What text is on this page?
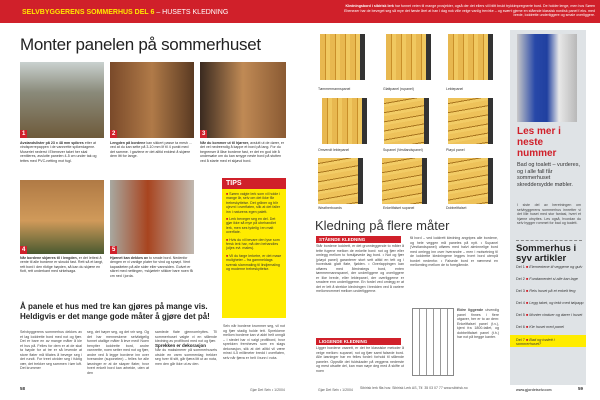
SELVBYGGERENS SOMMERHUS DEL 6 – HUSETS KLEDNING
Kledningsbord i sibirisk lerk har funnet veien til mange prosjekter, også der det ellers vill blitt brukt trykkimpregnerte bord. De holder lenge, men hos Søren Ebenezer har de beveget seg så mye det første året at han i dag nok ville velge vanlig trevirke – og svært gjerne en stående klassisk nordisk panel f.eks. med brede, loddrette underliggere og smale overliggere.
Monter panelen på sommerhuset
1	2	3
Avstandslister på 23 x 48 mm spikres etter at vindsperrepappen i de vannrette spikerdagene. Museriet nederst i Ebenezer taket her skal ventileres, avslutte panelen 4-5 cm under tak og tettes med PVC-netting mot fugl.
Lengden på bordene kan sikkert passe ta mesh ... ved at du kan sette på 3-10 mm lif til 4 punkt med det samme. I gavlene er det alltid enklest å skjære dem litt for lange.
Når du kommer ut til hjørner, avslutt ut de dører, er det vel nedreendig å kappe et bord på lang. For du begrenser å låse bordene fast, er det en god idé å undersøke om du kan smyge neste bord på stutten ved å starte med et skjøvd bord.
4	5
Når bordene skjæres til i lengden, er det lettest å vente til alle bordene er skrudd fast. Rett så et langt, rett bord i den riktige høyden, så kan du skjære en flott, rett underkant med sirkelsaga.
Hjørnet kan dekkes av to smale bord. Nedenfor dengen er vi vanlige plater for vind og sprøyt. Vent kapasiteten på alle sider eller vannsiden. Gulvet er sikret med nettingen, «skjørtet» stikker bare noen få cm ned i jorda.
TIPS

■ Søren valgte lerk som vil holde i mange år, selv om det ikke får trebeskyttelse. Det gråner og blir ujevnt i overflaten, slik at det faller inn i naturens egen palett.

■ Lerk beveger seg en del. Det gjør ikke så mye på ubehandlet lerk, men ses tydelig i en malt overflate.

■ Hvis du vil bevare den lyse som fersk lerk har, må den behandles (oljes evt. males).

■ Vil du farge lerketre, er det mase muligheter – fra gammeldags svensk slammaling til lindjemaling og moderne trebeskyttelse.

Å panele et hus med tre kan gjøres på mange vis. Heldigvis er det mange gode måter å gjøre det på!
Selvbyggerens sommerhus dekkes av et lag loddrette bord med not og fjær. Det er bare en av mange måter å kle et hus på. Felles for dem er at de skal ta høyde for at tre er så levende at store flater må tillates å bevege seg i det rundt. For treet utvider seg i fuktig vær, det trekker seg sammen i tørr luft. Det krummer
seg, det høyer seg, og det vrir seg. Og det har menneskene selvfølgelig funnet utallige måter å leve med! Noen benytter loddrette bord, andre vannrette, noen setter med not og fjær, andre ved å legge bordene inn over hverandre (suponelen) – felles for alle løsninger er at de skaper flater, hvor hvert enkelt bord kan arbeide, uten at den
samlede flate gjennomhyttes. Til sommerhuset valgte vi en stående kledning av profilbord med not og fjær.
Sprekken er dekorasjon
Når du maksimerer på sommerhusets utside en varm sommerdag trekker seg hver til sitt, går fjæra litt ut av nota, men den går ikke ut av den.
Selv når bordene krummer seg, vil not og fjær stadig holde tett. Sprekkene mellom bordene kan vi aldri helt unngå – i stedet har vi valgt profilbord, hvor sprekken fremheves som en slags dekorasjon, slik at det alltid vil være minst 4-5 millimeter bredd i overflaten, selv når fjæra er helt i bunn i nota.
58	Gjør Det Selv • 1/2004
Tømmermannspanel	Glattpanel (rupanel)	Lektepanel
Omvendt lektepanel	Supanel (Vestlandspanel)	Pløyd panel
Weatherboards	Enkeltfalset supanel	Dobbeltfalset
Kledning på flere måter
STÅENDE KLEDNING
Står bordene loddrett, er det grunnleggende to måter å tette fugene mellom de enkelte bord: not og fjær eller omlegg mellom to forskjøvede lag bord. • Not og fjær (pløyd panel) garanterer stort sett alltid en tett og i hovedsak glatt flate, fjølden. • Overlappingen kan utføres med åtminstegs bord, enten tømmermannspanel, der underliggere og overliggere er like brede, eller lektepanel, der overliggerne er smalere enn underliggerne. En fordel ved omlegg er at det er lett å strekke kledningen i bredden ved å variere mellomrommet mellom underliggerne.
LIGGENDE KLEDNING
Ligger bordene vaarett, er det tre klassiske metoder å velge mellom: supanel, not og fjær samt falsede bord. Alle løsninger har en felles fordel: forhold til stående paneler. Oppstår det fuktskader på veggens nederste og mest utsatte del, kan man nøye deg med å skifte ut noen
få bord – ved loddrett kledning angripes alle bordene, og hele veggen må paneles på nytt. • Supanel (Vestlandspanel) utføres med halvt alminnelige bord med omlegg inn over hverandre – men i motsetning til de loddrette kledningene legges hvert bord utenpå bordet nedenfor. • Falsede bord er nærmest en mellomting mellom de to foregående.
Eldre liggende utvendig panel finnes i flere utgaver, her er to av dem: Enkeltfalset panel (t.v.), kjent fra 1800-tallet, og dobbeltfalset panel (t.h.) har not på begge kanter.
Gjør Det Selv • 1/2004 Sibirisk lerk fås hos: Sibirisk Lerk AS, Tlf. 35 03 07 77 www.sibirisk.no
Les mer i neste nummer
Bad og toalett – vurderes, og i alle fall får sommerhuset skreddersydde møbler.
I siste del av beretningen om selvbyggerens sommerhus innretter vi det lille huset med stor fantasi, hvert et hjørne utnyttes. Les også, hvordan du selv bygger rommet for bad og toalett.
Sommerhus i syv artikler
Del 1 ■ Elementene til veggene og gulv
Del 2 ■ Fundamentet si alle kan lage
Del 3 ■ Reis huset på et enkelt ferg
Del 4 ■ Legg taket, og tekk med tølpapp
Del 5 ■ Monter vinduer og dører i huset
Del 6 ■ Kle huset med panel
Del 7 ■ Bad og toalett i sommerhuset?
www.gjordetselv.com	59
